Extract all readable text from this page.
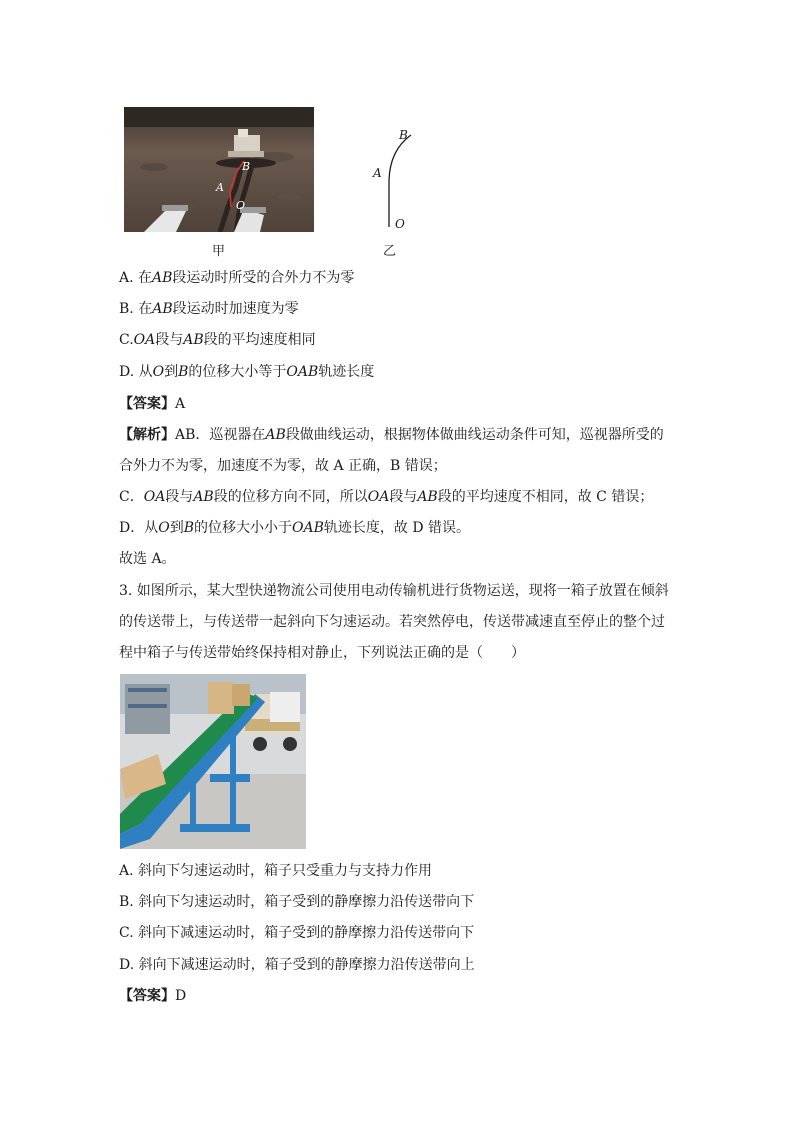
B
A
O
甲
B
A
O
乙
A. 在AB段运动时所受的合外力不为零
B. 在AB段运动时加速度为零
C.OA段与AB段的平均速度相同
D. 从O到B的位移大小等于OAB轨迹长度
【答案】A
【解析】AB．巡视器在AB段做曲线运动，根据物体做曲线运动条件可知，巡视器所受的
合外力不为零，加速度不为零，故 A 正确，B 错误；
C．OA段与AB段的位移方向不同，所以OA段与AB段的平均速度不相同，故 C 错误；
D．从O到B的位移大小小于OAB轨迹长度，故 D 错误。
故选 A。
3. 如图所示，某大型快递物流公司使用电动传输机进行货物运送，现将一箱子放置在倾斜
的传送带上，与传送带一起斜向下匀速运动。若突然停电，传送带减速直至停止的整个过
程中箱子与传送带始终保持相对静止，下列说法正确的是（　　）
A. 斜向下匀速运动时，箱子只受重力与支持力作用
B. 斜向下匀速运动时，箱子受到的静摩擦力沿传送带向下
C. 斜向下减速运动时，箱子受到的静摩擦力沿传送带向下
D. 斜向下减速运动时，箱子受到的静摩擦力沿传送带向上
【答案】D
